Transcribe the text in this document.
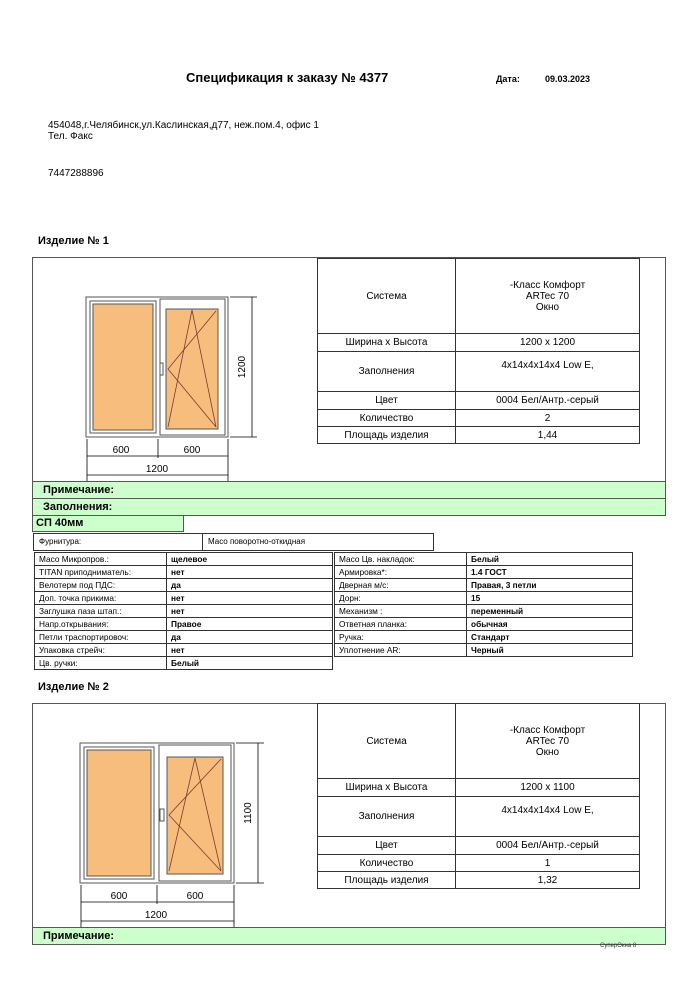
Спецификация к заказу № 4377	Дата:	09.03.2023
454048,г.Челябинск,ул.Каслинская,д77, неж.пом.4, офис 1
Тел. Факс
7447288896
Изделие № 1
1200
600	600
1200
Система	-Класс Комфорт
ARTec 70
Окно

Ширина x Высота	1200 x 1200
Заполнения	4x14x4x14x4 Low E,
Цвет	0004 Бел/Антр.-серый
Количество	2
Площадь изделия	1,44
Примечание:
Заполнения:
СП 40мм
Фурнитура:	Масо поворотно-откидная
Масо Микропров.:	щелевое
TITAN приподниматель:	нет
Велотерм под ПДС:	да
Доп. точка прикима:	нет
Заглушка паза штап.:	нет
Напр.открывания:	Правое
Петли траспортировоч:	да
Упаковка стрейч:	нет
Цв. ручки:	Белый
Масо Цв. накладок:	Белый
Армировка*:	1.4 ГОСТ
Дверная м/с:	Правая, 3 петли
Дорн:	15
Механизм :	переменный
Ответная планка:	обычная
Ручка:	Стандарт
Уплотнение AR:	Черный
Изделие № 2
1100
600	600
1200
Система	-Класс Комфорт
ARTec 70
Окно

Ширина x Высота	1200 x 1100
Заполнения	4x14x4x14x4 Low E,
Цвет	0004 Бел/Антр.-серый
Количество	1
Площадь изделия	1,32
Примечание:
СуперОкна 8
